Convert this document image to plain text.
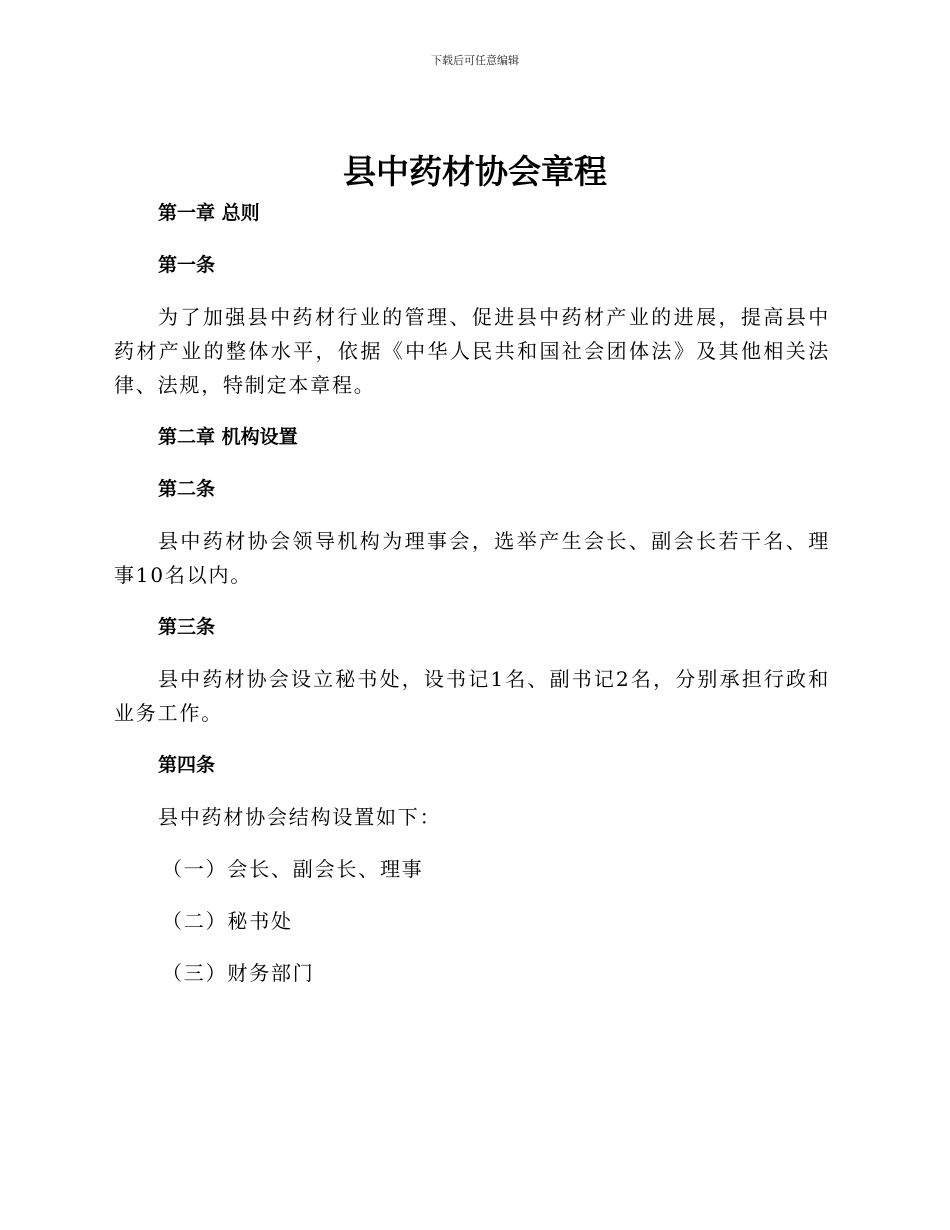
下载后可任意编辑
县中药材协会章程

第一章 总则

第一条

为了加强县中药材行业的管理、促进县中药材产业的进展，提高县中药材产业的整体水平，依据《中华人民共和国社会团体法》及其他相关法律、法规，特制定本章程。

第二章 机构设置

第二条

县中药材协会领导机构为理事会，选举产生会长、副会长若干名、理事10名以内。

第三条

县中药材协会设立秘书处，设书记1名、副书记2名，分别承担行政和业务工作。

第四条

县中药材协会结构设置如下：

（一）会长、副会长、理事

（二）秘书处

（三）财务部门
